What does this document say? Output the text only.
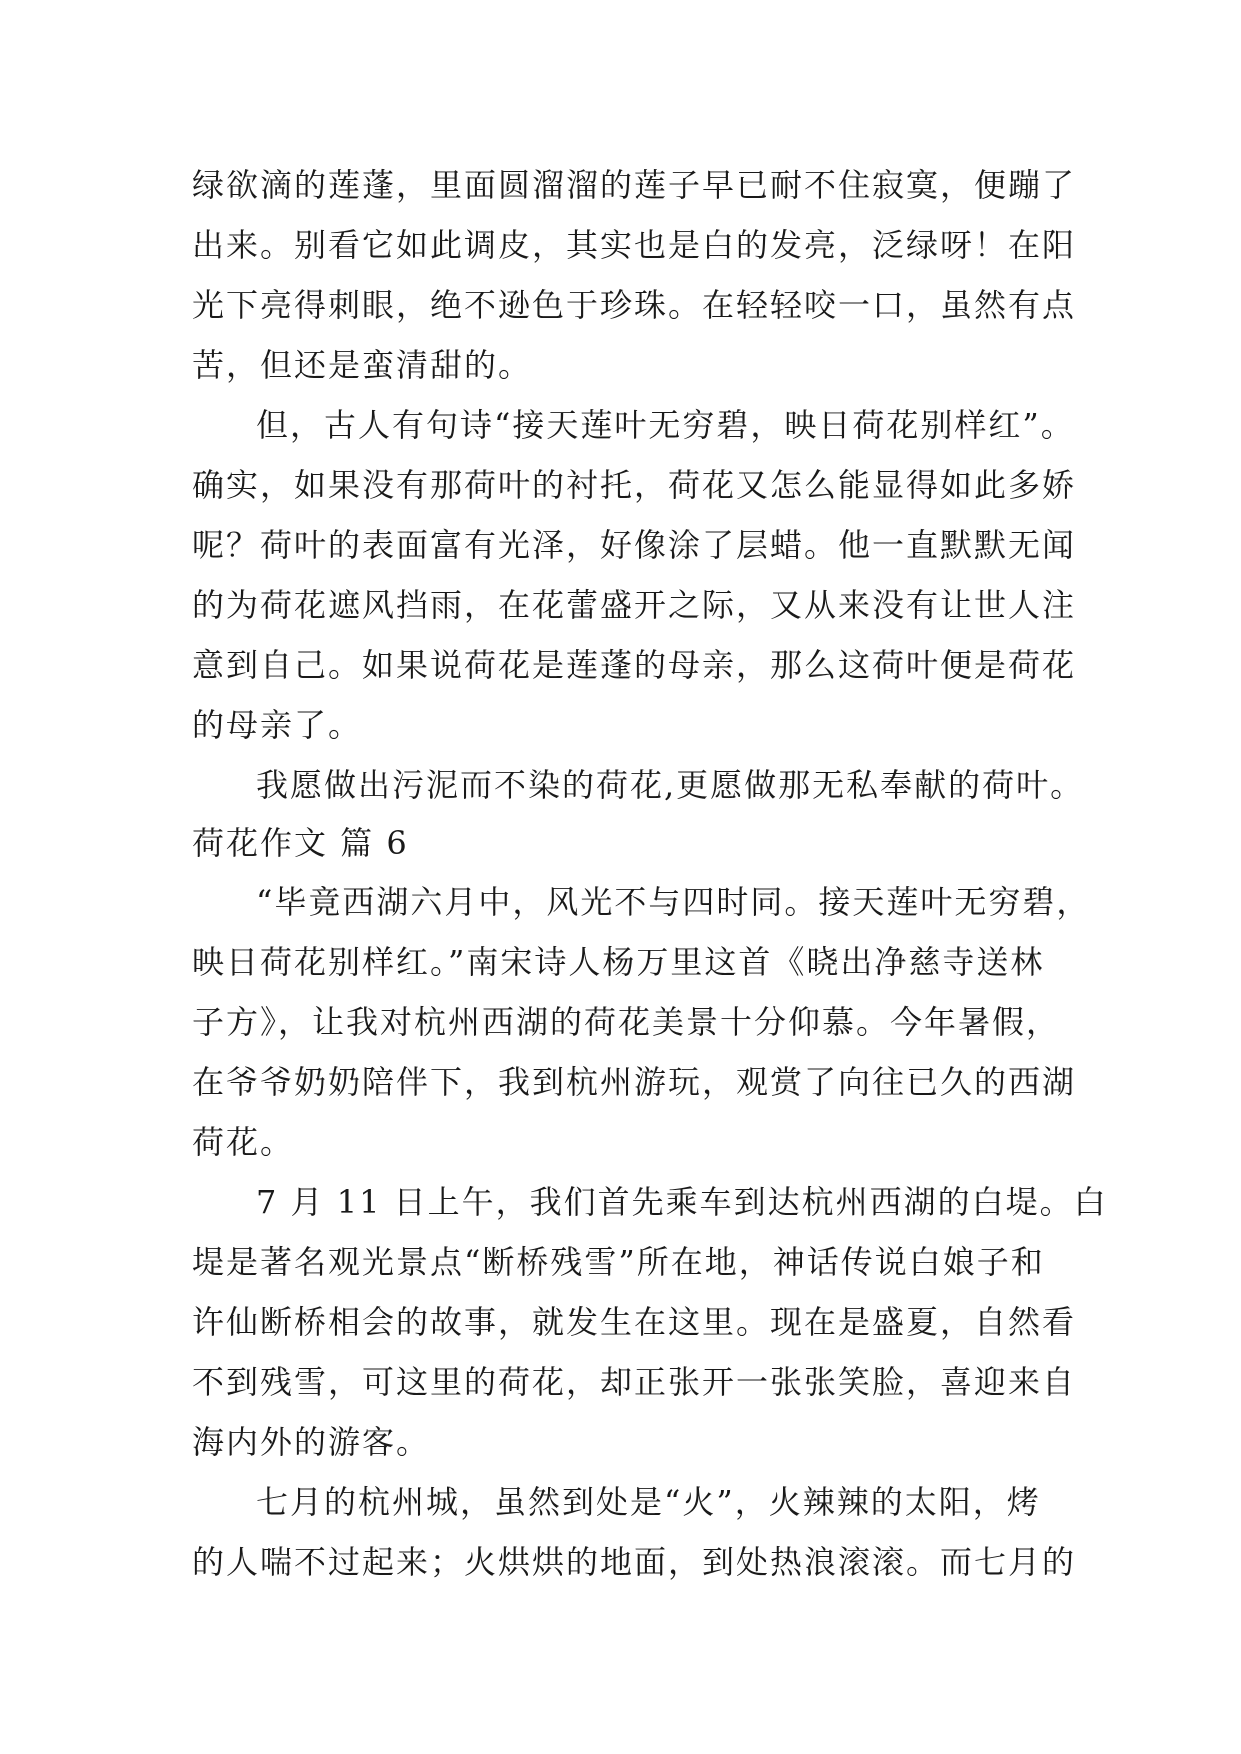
绿欲滴的莲蓬，里面圆溜溜的莲子早已耐不住寂寞，便蹦了
出来。别看它如此调皮，其实也是白的发亮，泛绿呀！在阳
光下亮得刺眼，绝不逊色于珍珠。在轻轻咬一口，虽然有点
苦，但还是蛮清甜的。
但，古人有句诗“接天莲叶无穷碧，映日荷花别样红”。
确实，如果没有那荷叶的衬托，荷花又怎么能显得如此多娇
呢？荷叶的表面富有光泽，好像涂了层蜡。他一直默默无闻
的为荷花遮风挡雨，在花蕾盛开之际，又从来没有让世人注
意到自己。如果说荷花是莲蓬的母亲，那么这荷叶便是荷花
的母亲了。
我愿做出污泥而不染的荷花,更愿做那无私奉献的荷叶。
荷花作文 篇 6
“毕竟西湖六月中，风光不与四时同。接天莲叶无穷碧，
映日荷花别样红。”南宋诗人杨万里这首《晓出净慈寺送林
子方》，让我对杭州西湖的荷花美景十分仰慕。今年暑假，
在爷爷奶奶陪伴下，我到杭州游玩，观赏了向往已久的西湖
荷花。
7 月 11 日上午，我们首先乘车到达杭州西湖的白堤。白
堤是著名观光景点“断桥残雪”所在地，神话传说白娘子和
许仙断桥相会的故事，就发生在这里。现在是盛夏，自然看
不到残雪，可这里的荷花，却正张开一张张笑脸，喜迎来自
海内外的游客。
七月的杭州城，虽然到处是“火”，火辣辣的太阳，烤
的人喘不过起来；火烘烘的地面，到处热浪滚滚。而七月的
